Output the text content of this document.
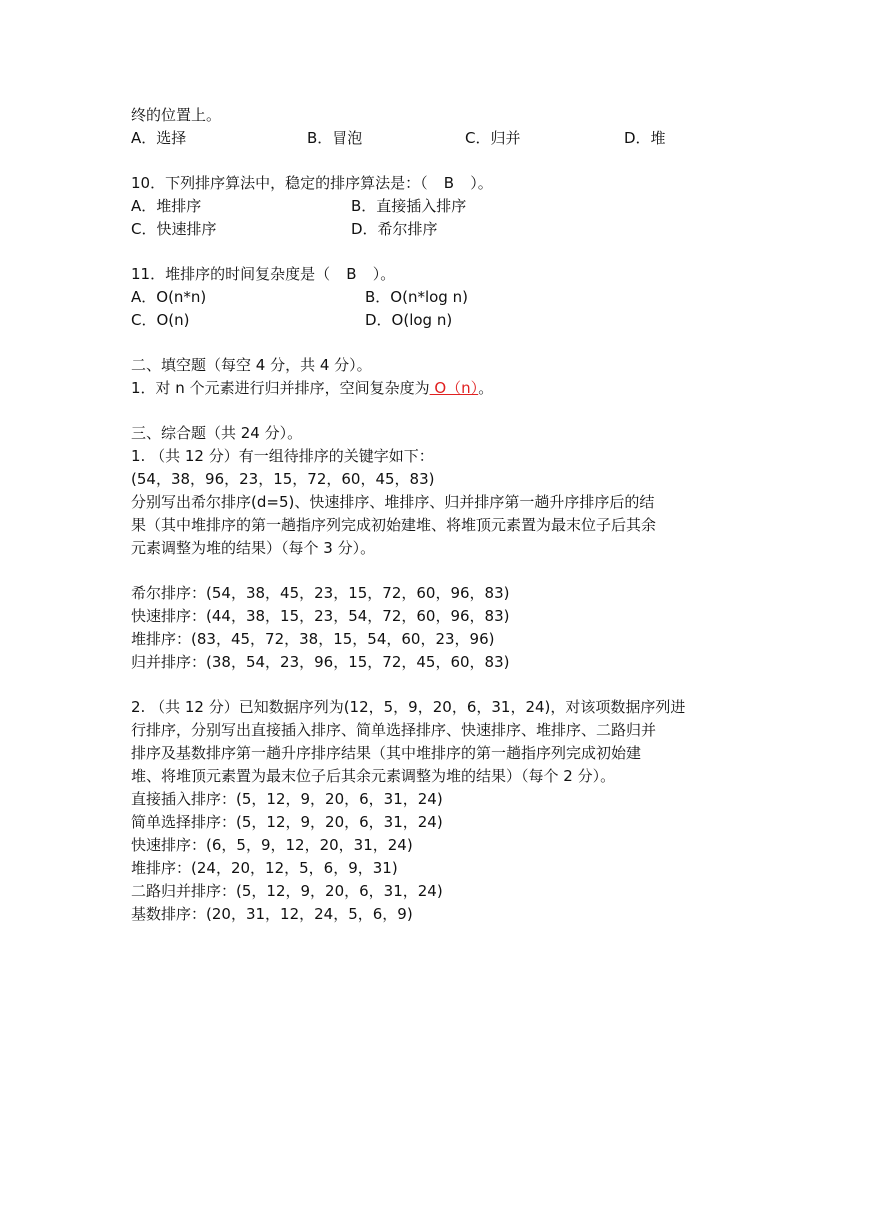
终的位置上。
A．选择	B．冒泡	C．归并	D．堆
10．下列排序算法中，稳定的排序算法是：（ B ）。
A．堆排序	B．直接插入排序
C．快速排序	D．希尔排序
11．堆排序的时间复杂度是（ B ）。
A．O(n*n)	B．O(n*log n)
C．O(n)	D．O(log n)
二、填空题（每空 4 分，共 4 分）。
1．对 n 个元素进行归并排序，空间复杂度为 O（n）。
三、综合题（共 24 分）。
1. （共 12 分）有一组待排序的关键字如下：
(54，38，96，23，15，72，60，45，83)
分别写出希尔排序(d=5)、快速排序、堆排序、归并排序第一趟升序排序后的结
果（其中堆排序的第一趟指序列完成初始建堆、将堆顶元素置为最末位子后其余
元素调整为堆的结果）（每个 3 分）。
希尔排序：(54，38，45，23，15，72，60，96，83)
快速排序：(44，38，15，23，54，72，60，96，83)
堆排序：(83，45，72，38，15，54，60，23，96)
归并排序：(38，54，23，96，15，72，45，60，83)
2. （共 12 分）已知数据序列为(12，5，9，20，6，31，24)，对该项数据序列进
行排序，分别写出直接插入排序、简单选择排序、快速排序、堆排序、二路归并
排序及基数排序第一趟升序排序结果（其中堆排序的第一趟指序列完成初始建
堆、将堆顶元素置为最末位子后其余元素调整为堆的结果）（每个 2 分）。
直接插入排序：(5，12，9，20，6，31，24)
简单选择排序：(5，12，9，20，6，31，24)
快速排序：(6，5，9，12，20，31，24)
堆排序：(24，20，12，5，6，9，31)
二路归并排序：(5，12，9，20，6，31，24)
基数排序：(20，31，12，24，5，6，9)
